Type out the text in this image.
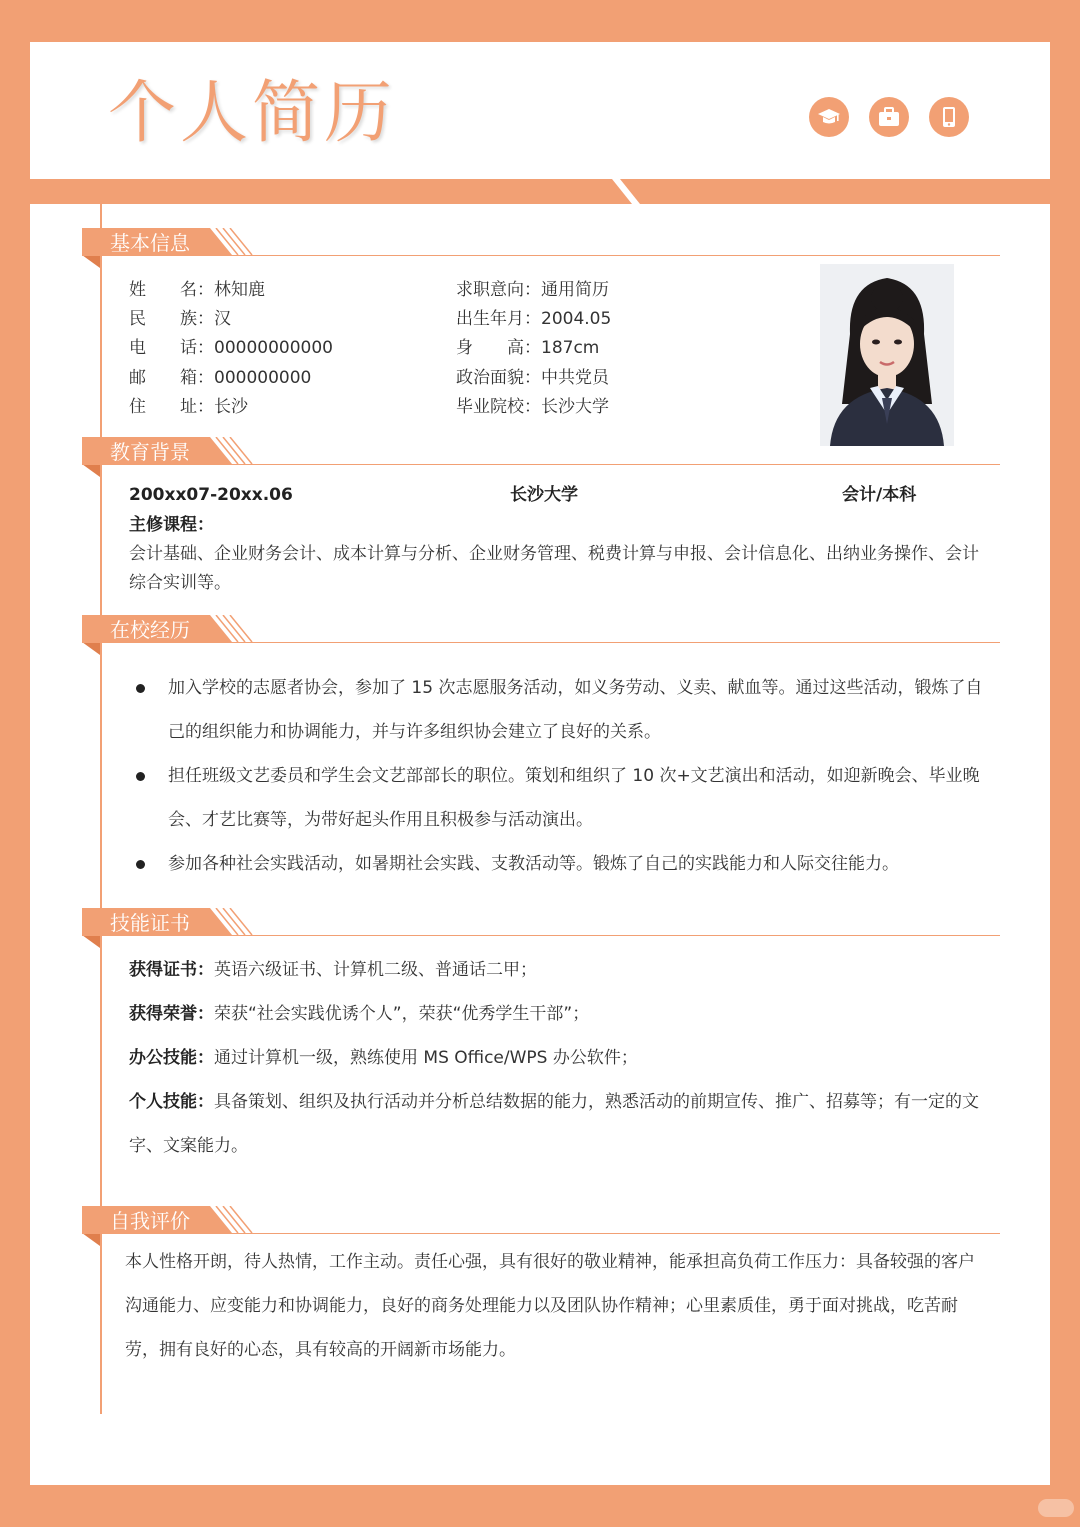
个人简历
基本信息
姓　　名：林知鹿
民　　族：汉
电　　话：00000000000
邮　　箱：000000000
住　　址：长沙
求职意向：通用简历
出生年月：2004.05
身　　高：187cm
政治面貌：中共党员
毕业院校：长沙大学
教育背景
200xx07-20xx.06	长沙大学	会计/本科
主修课程：
会计基础、企业财务会计、成本计算与分析、企业财务管理、税费计算与申报、会计信息化、出纳业务操作、会计综合实训等。
在校经历
加入学校的志愿者协会，参加了 15 次志愿服务活动，如义务劳动、义卖、献血等。通过这些活动，锻炼了自己的组织能力和协调能力，并与许多组织协会建立了良好的关系。
担任班级文艺委员和学生会文艺部部长的职位。策划和组织了 10 次+文艺演出和活动，如迎新晚会、毕业晚会、才艺比赛等，为带好起头作用且积极参与活动演出。
参加各种社会实践活动，如暑期社会实践、支教活动等。锻炼了自己的实践能力和人际交往能力。
技能证书
获得证书：英语六级证书、计算机二级、普通话二甲；
获得荣誉：荣获“社会实践优诱个人”，荣获“优秀学生干部”；
办公技能：通过计算机一级，熟练使用 MS Office/WPS 办公软件；
个人技能：具备策划、组织及执行活动并分析总结数据的能力，熟悉活动的前期宣传、推广、招募等；有一定的文字、文案能力。
自我评价
本人性格开朗，待人热情，工作主动。责任心强，具有很好的敬业精神，能承担高负荷工作压力：具备较强的客户沟通能力、应变能力和协调能力，良好的商务处理能力以及团队协作精神；心里素质佳，勇于面对挑战，吃苦耐劳，拥有良好的心态，具有较高的开阔新市场能力。
